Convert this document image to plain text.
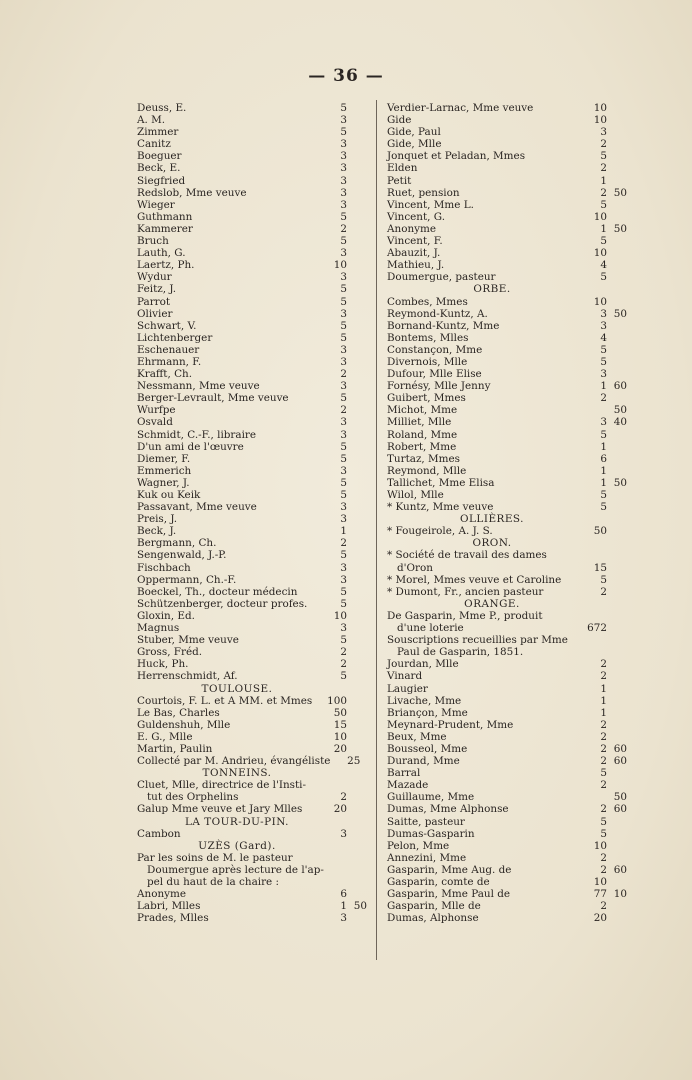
— 36 —
Deuss, E.	5
A. M.	3
Zimmer	5
Canitz	3
Boeguer	3
Beck, E.	3
Siegfried	3
Redslob, Mme veuve	3
Wieger	3
Guthmann	5
Kammerer	2
Bruch	5
Lauth, G.	3
Laertz, Ph.	10
Wydur	3
Feitz, J.	5
Parrot	5
Olivier	3
Schwart, V.	5
Lichtenberger	5
Eschenauer	3
Ehrmann, F.	3
Krafft, Ch.	2
Nessmann, Mme veuve	3
Berger-Levrault, Mme veuve	5
Wurfpe	2
Osvald	3
Schmidt, C.-F., libraire	3
D'un ami de l'œuvre	5
Diemer, F.	5
Emmerich	3
Wagner, J.	5
Kuk ou Keik	5
Passavant, Mme veuve	3
Preis, J.	3
Beck, J.	1
Bergmann, Ch.	2
Sengenwald, J.-P.	5
Fischbach	3
Oppermann, Ch.-F.	3
Boeckel, Th., docteur médecin	5
Schützenberger, docteur profes.	5
Gloxin, Ed.	10
Magnus	3
Stuber, Mme veuve	5
Gross, Fréd.	2
Huck, Ph.	2
Herrenschmidt, Af.	5
TOULOUSE.
Courtois, F. L. et A MM. et Mmes	100
Le Bas, Charles	50
Guldenshuh, Mlle	15
E. G., Mlle	10
Martin, Paulin	20
Collecté par M. Andrieu, évangéliste	25
TONNEINS.
Cluet, Mlle, directrice de l'Insti-
tut des Orphelins	2
Galup Mme veuve et Jary Mlles	20
LA TOUR-DU-PIN.
Cambon	3
UZÈS (Gard).
Par les soins de M. le pasteur
Doumergue après lecture de l'ap-
pel du haut de la chaire :
Anonyme	6
Labri, Mlles	1 50
Prades, Mlles	3
Verdier-Larnac, Mme veuve	10
Gide	10
Gide, Paul	3
Gide, Mlle	2
Jonquet et Peladan, Mmes	5
Elden	2
Petit	1
Ruet, pension	2 50
Vincent, Mme L.	5
Vincent, G.	10
Anonyme	1 50
Vincent, F.	5
Abauzit, J.	10
Mathieu, J.	4
Doumergue, pasteur	5
ORBE.
Combes, Mmes	10
Reymond-Kuntz, A.	3 50
Bornand-Kuntz, Mme	3
Bontems, Mlles	4
Constançon, Mme	5
Divernois, Mlle	5
Dufour, Mlle Elise	3
Fornésy, Mlle Jenny	1 60
Guibert, Mmes	2
Michot, Mme	50
Milliet, Mlle	3 40
Roland, Mme	5
Robert, Mme	1
Turtaz, Mmes	6
Reymond, Mlle	1
Tallichet, Mme Elisa	1 50
Wilol, Mlle	5
* Kuntz, Mme veuve	5
OLLIÈRES.
* Fougeirole, A. J. S.	50
ORON.
* Société de travail des dames
d'Oron	15
* Morel, Mmes veuve et Caroline	5
* Dumont, Fr., ancien pasteur	2
ORANGE.
De Gasparin, Mme P., produit
d'une loterie	672
Souscriptions recueillies par Mme
Paul de Gasparin, 1851.
Jourdan, Mlle	2
Vinard	2
Laugier	1
Livache, Mme	1
Briançon, Mme	1
Meynard-Prudent, Mme	2
Beux, Mme	2
Bousseol, Mme	2 60
Durand, Mme	2 60
Barral	5
Mazade	2
Guillaume, Mme	50
Dumas, Mme Alphonse	2 60
Saitte, pasteur	5
Dumas-Gasparin	5
Pelon, Mme	10
Annezini, Mme	2
Gasparin, Mme Aug. de	2 60
Gasparin, comte de	10
Gasparin, Mme Paul de	77 10
Gasparin, Mlle de	2
Dumas, Alphonse	20
